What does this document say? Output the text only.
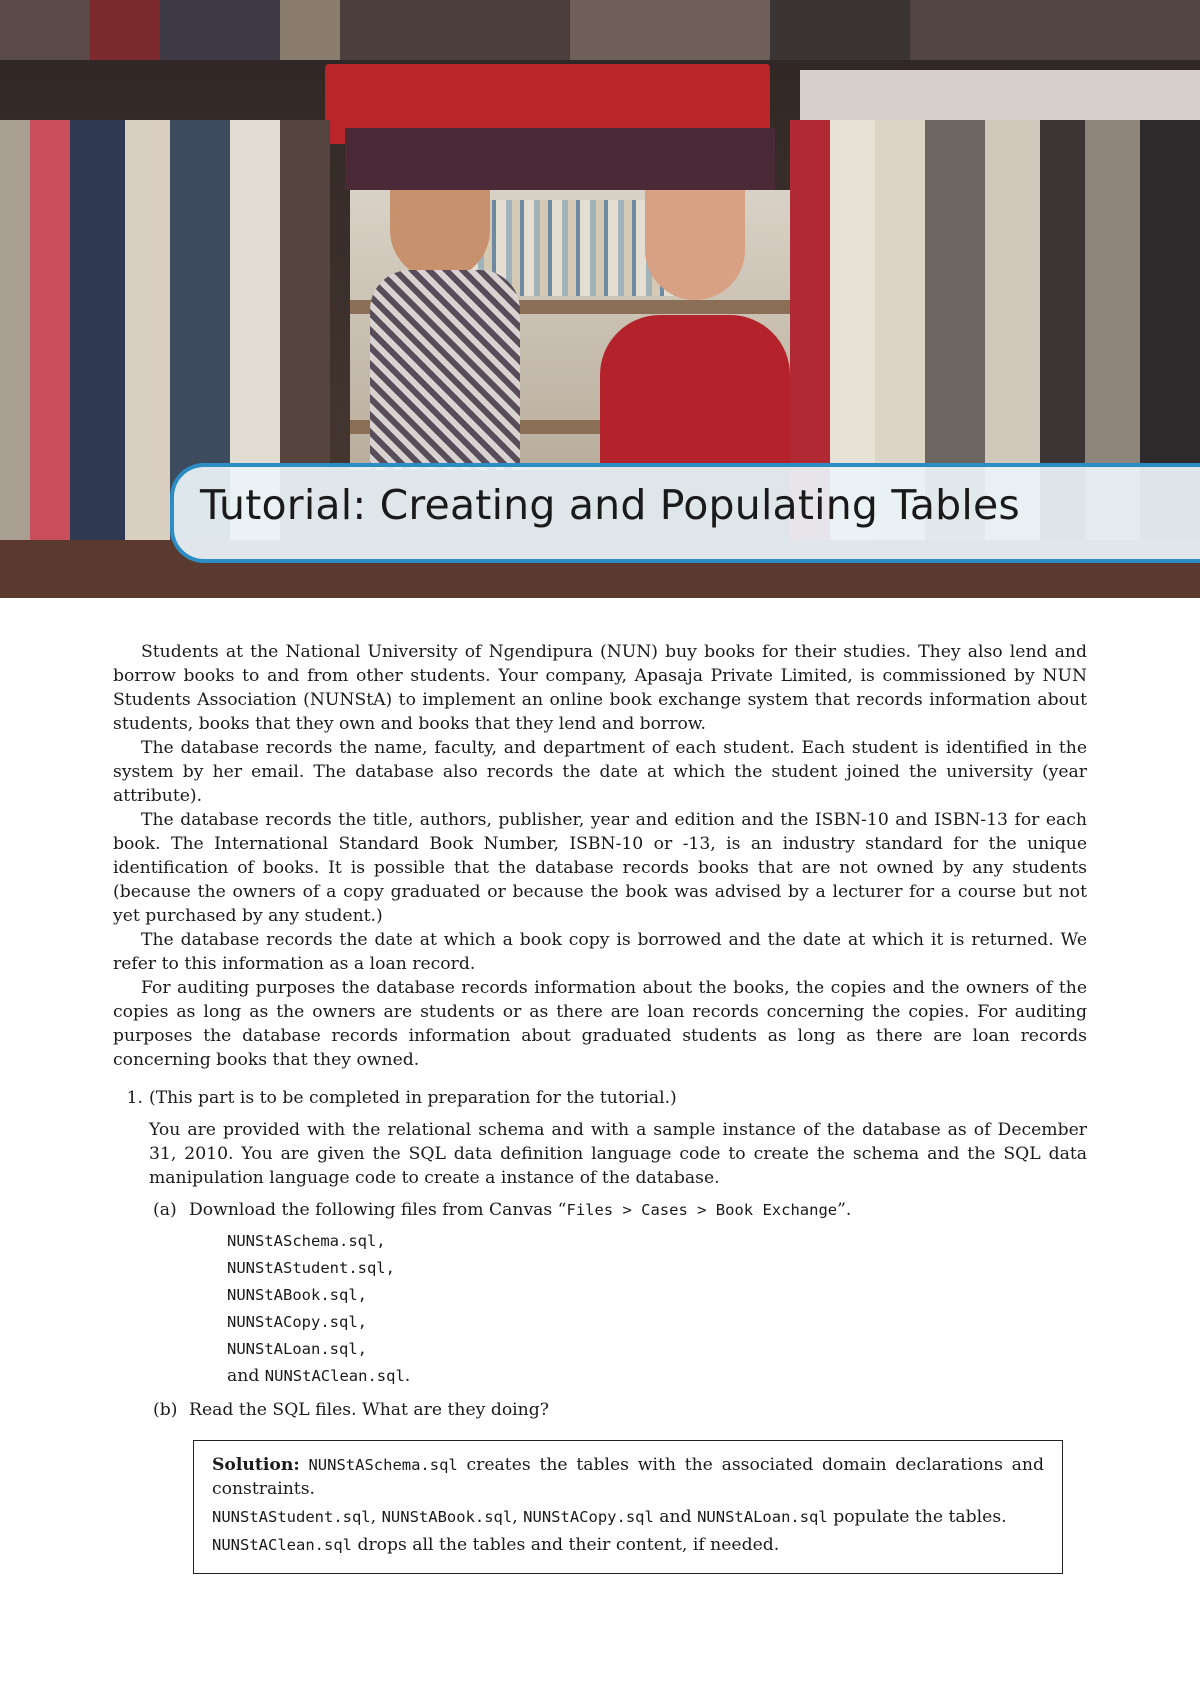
Tutorial: Creating and Populating Tables

Students at the National University of Ngendipura (NUN) buy books for their studies. They also lend and borrow books to and from other students. Your company, Apasaja Private Limited, is commissioned by NUN Students Association (NUNStA) to implement an online book exchange system that records information about students, books that they own and books that they lend and borrow.

The database records the name, faculty, and department of each student. Each student is identified in the system by her email. The database also records the date at which the student joined the university (year attribute).

The database records the title, authors, publisher, year and edition and the ISBN-10 and ISBN-13 for each book. The International Standard Book Number, ISBN-10 or -13, is an industry standard for the unique identification of books. It is possible that the database records books that are not owned by any students (because the owners of a copy graduated or because the book was advised by a lecturer for a course but not yet purchased by any student.)

The database records the date at which a book copy is borrowed and the date at which it is returned. We refer to this information as a loan record.

For auditing purposes the database records information about the books, the copies and the owners of the copies as long as the owners are students or as there are loan records concerning the copies. For auditing purposes the database records information about graduated students as long as there are loan records concerning books that they owned.

1. (This part is to be completed in preparation for the tutorial.)

You are provided with the relational schema and with a sample instance of the database as of December 31, 2010. You are given the SQL data definition language code to create the schema and the SQL data manipulation language code to create a instance of the database.

(a) Download the following files from Canvas “Files > Cases > Book Exchange”.
NUNStASchema.sql,
NUNStAStudent.sql,
NUNStABook.sql,
NUNStACopy.sql,
NUNStALoan.sql,
and NUNStAClean.sql.
(b) Read the SQL files. What are they doing?

Solution: NUNStASchema.sql creates the tables with the associated domain declarations and constraints.

NUNStAStudent.sql, NUNStABook.sql, NUNStACopy.sql and NUNStALoan.sql populate the tables.

NUNStAClean.sql drops all the tables and their content, if needed.
